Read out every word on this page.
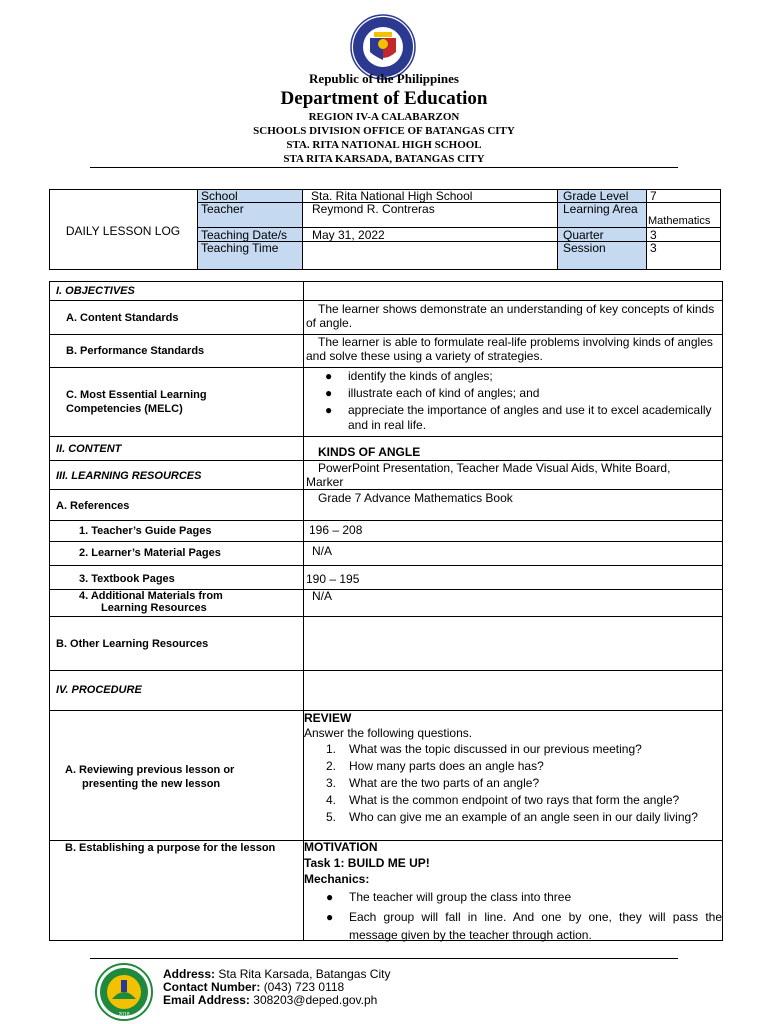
Republic of the Philippines
Department of Education
REGION IV-A CALABARZON
SCHOOLS DIVISION OFFICE OF BATANGAS CITY
STA. RITA NATIONAL HIGH SCHOOL
STA RITA KARSADA, BATANGAS CITY
DAILY LESSON LOG
School
Teacher
Teaching Date/s
Teaching Time
Sta. Rita National High School
Reymond R. Contreras
May 31, 2022
Grade Level
Learning Area
Quarter
Session
7
Mathematics
3
3
I. OBJECTIVES
A. Content Standards
B. Performance Standards
C. Most Essential Learning
Competencies (MELC)
II. CONTENT
III. LEARNING RESOURCES
A. References
1. Teacher’s Guide Pages
2. Learner’s Material Pages
3. Textbook Pages
4. Additional Materials from
Learning Resources
B. Other Learning Resources
IV. PROCEDURE
A. Reviewing previous lesson or
presenting the new lesson
B. Establishing a purpose for the lesson
The learner shows demonstrate an understanding of key concepts of kinds of angle.
The learner is able to formulate real-life problems involving kinds of angles and solve these using a variety of strategies.
● identify the kinds of angles;
● illustrate each of kind of angles; and
● appreciate the importance of angles and use it to excel academically and in real life.
KINDS OF ANGLE
PowerPoint Presentation, Teacher Made Visual Aids, White Board, Marker
Grade 7 Advance Mathematics Book
196 – 208
N/A
190 – 195
N/A
REVIEW
Answer the following questions.
1. What was the topic discussed in our previous meeting?
2. How many parts does an angle has?
3. What are the two parts of an angle?
4. What is the common endpoint of two rays that form the angle?
5. Who can give me an example of an angle seen in our daily living?
MOTIVATION
Task 1: BUILD ME UP!
Mechanics:
● The teacher will group the class into three
● Each group will fall in line. And one by one, they will pass the message given by the teacher through action.
2018
Address: Sta Rita Karsada, Batangas City
Contact Number: (043) 723 0118
Email Address: 308203@deped.gov.ph
